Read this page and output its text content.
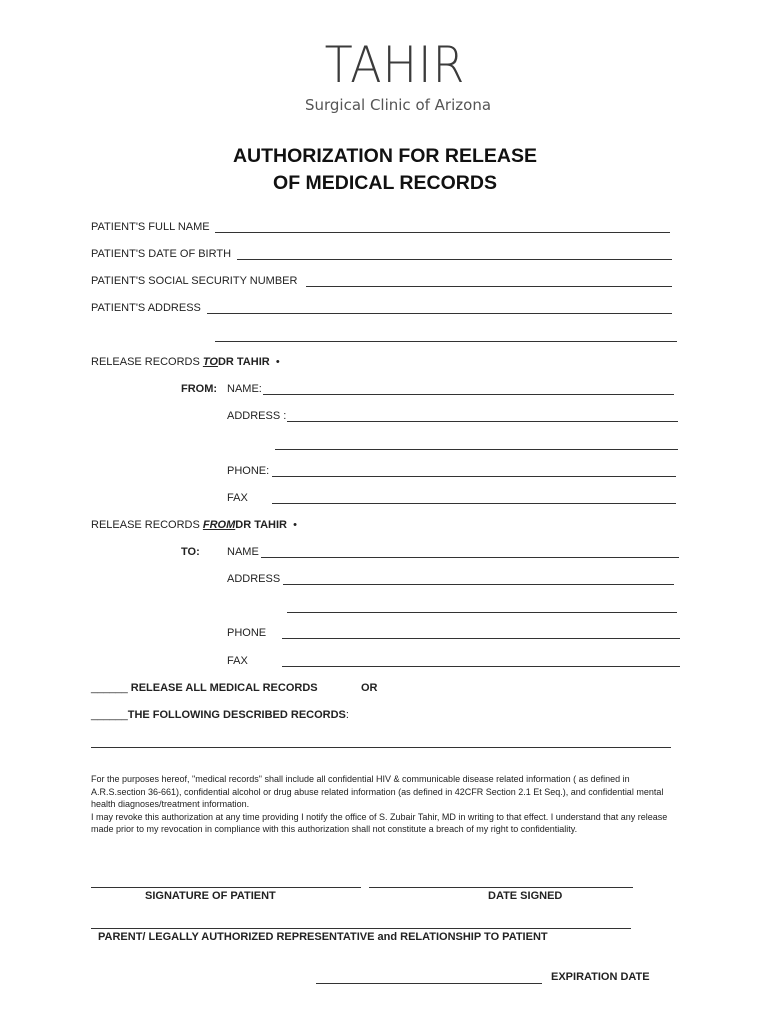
TAHIR
Surgical Clinic of Arizona
AUTHORIZATION FOR RELEASE
OF MEDICAL RECORDS
PATIENT'S FULL NAME
PATIENT'S DATE OF BIRTH
PATIENT'S SOCIAL SECURITY NUMBER
PATIENT'S ADDRESS
RELEASE RECORDS TODR TAHIR •
FROM: NAME:
ADDRESS :
PHONE:
FAX
RELEASE RECORDS FROMDR TAHIR •
TO: NAME
ADDRESS
PHONE
FAX
______ RELEASE ALL MEDICAL RECORDS	OR
______THE FOLLOWING DESCRIBED RECORDS:

For the purposes hereof, "medical records" shall include all confidential HIV & communicable disease related information ( as defined in A.R.S.section 36-661), confidential alcohol or drug abuse related information (as defined in 42CFR Section 2.1 Et Seq.), and confidential mental health diagnoses/treatment information.

I may revoke this authorization at any time providing I notify the office of S. Zubair Tahir, MD in writing to that effect. I understand that any release made prior to my revocation in compliance with this authorization shall not constitute a breach of my right to confidentiality.

SIGNATURE OF PATIENT	DATE SIGNED
PARENT/ LEGALLY AUTHORIZED REPRESENTATIVE and RELATIONSHIP TO PATIENT
EXPIRATION DATE
